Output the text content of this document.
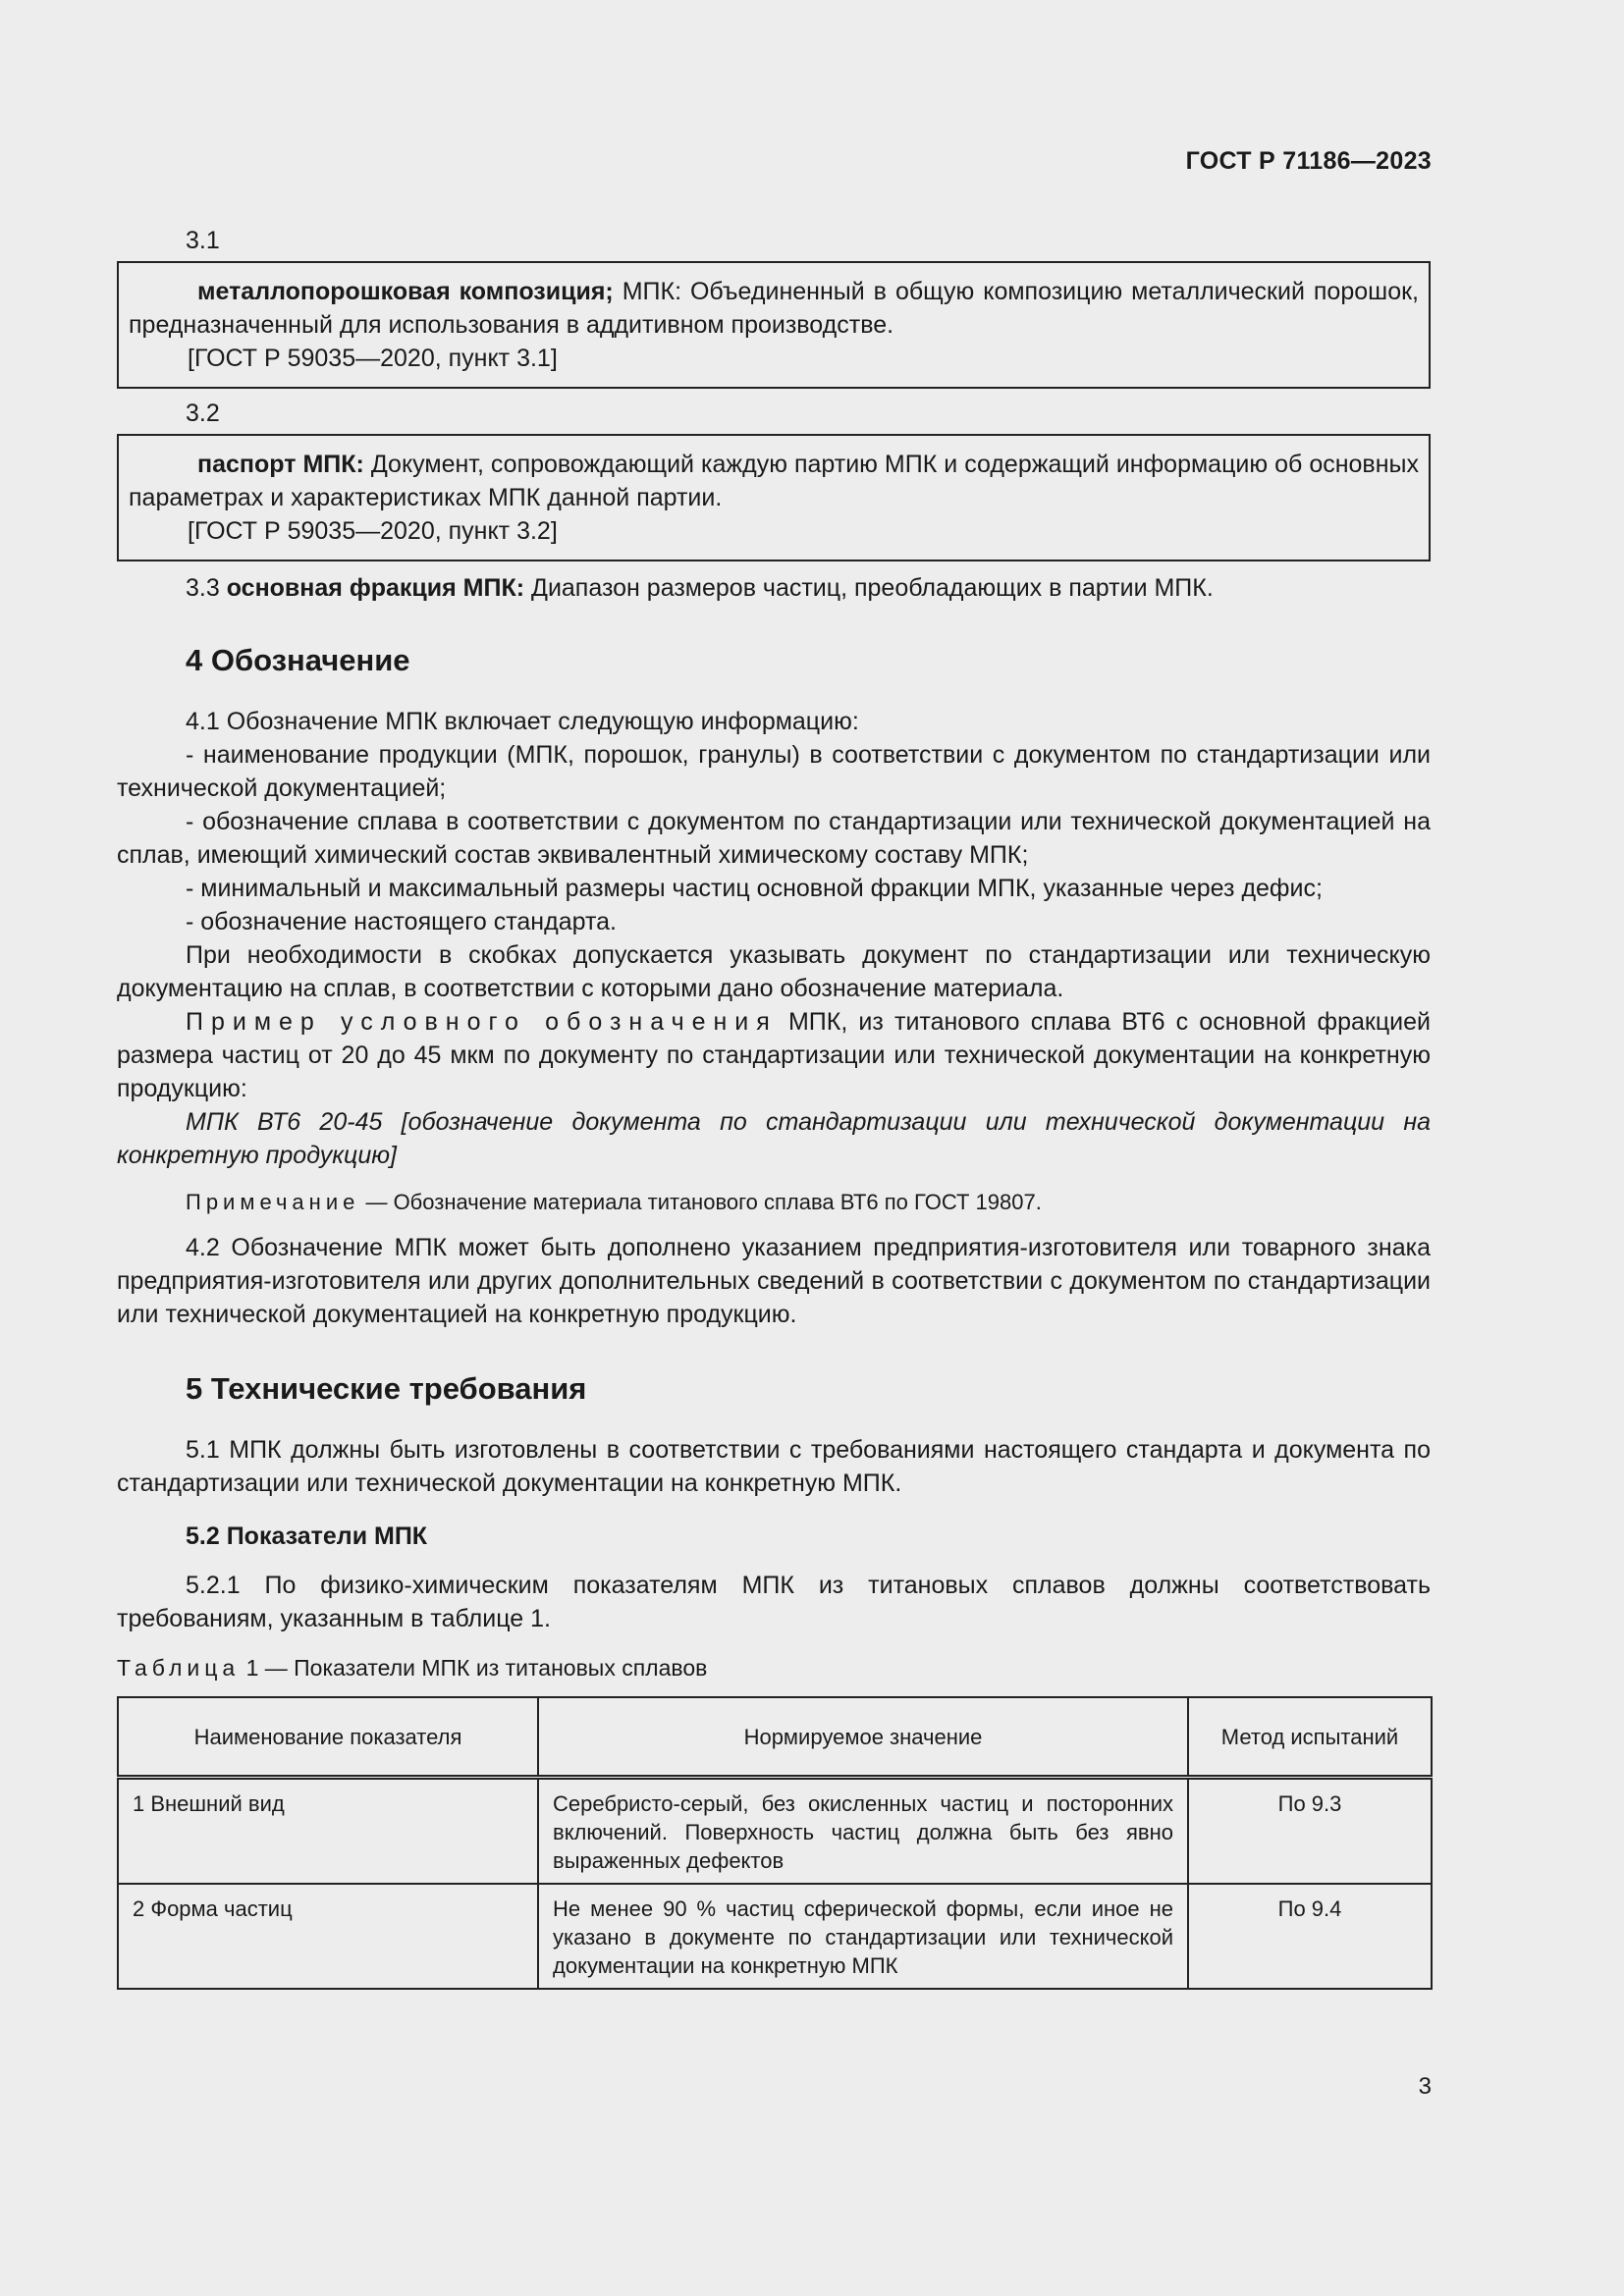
ГОСТ Р 71186—2023
3.1

металлопорошковая композиция; МПК: Объединенный в общую композицию металлический порошок, предназначенный для использования в аддитивном производстве.

[ГОСТ Р 59035—2020, пункт 3.1]
3.2

паспорт МПК: Документ, сопровождающий каждую партию МПК и содержащий информацию об основных параметрах и характеристиках МПК данной партии.

[ГОСТ Р 59035—2020, пункт 3.2]

3.3 основная фракция МПК: Диапазон размеров частиц, преобладающих в партии МПК.

4 Обозначение

4.1 Обозначение МПК включает следующую информацию:

- наименование продукции (МПК, порошок, гранулы) в соответствии с документом по стандартизации или технической документацией;

- обозначение сплава в соответствии с документом по стандартизации или технической документацией на сплав, имеющий химический состав эквивалентный химическому составу МПК;

- минимальный и максимальный размеры частиц основной фракции МПК, указанные через дефис;

- обозначение настоящего стандарта.

При необходимости в скобках допускается указывать документ по стандартизации или техническую документацию на сплав, в соответствии с которыми дано обозначение материала.

Пример условного обозначения МПК, из титанового сплава ВТ6 с основной фракцией размера частиц от 20 до 45 мкм по документу по стандартизации или технической документации на конкретную продукцию:

МПК ВТ6 20-45 [обозначение документа по стандартизации или технической документации на конкретную продукцию]

Примечание — Обозначение материала титанового сплава ВТ6 по ГОСТ 19807.

4.2 Обозначение МПК может быть дополнено указанием предприятия-изготовителя или товарного знака предприятия-изготовителя или других дополнительных сведений в соответствии с документом по стандартизации или технической документацией на конкретную продукцию.

5 Технические требования

5.1 МПК должны быть изготовлены в соответствии с требованиями настоящего стандарта и документа по стандартизации или технической документации на конкретную МПК.

5.2 Показатели МПК

5.2.1 По физико-химическим показателям МПК из титановых сплавов должны соответствовать требованиям, указанным в таблице 1.

Таблица 1 — Показатели МПК из титановых сплавов
Наименование показателя	Нормируемое значение	Метод испытаний
1 Внешний вид	Серебристо-серый, без окисленных частиц и посторонних включений. Поверхность частиц должна быть без явно выраженных дефектов	По 9.3
2 Форма частиц	Не менее 90 % частиц сферической формы, если иное не указано в документе по стандартизации или технической документации на конкретную МПК	По 9.4
3
